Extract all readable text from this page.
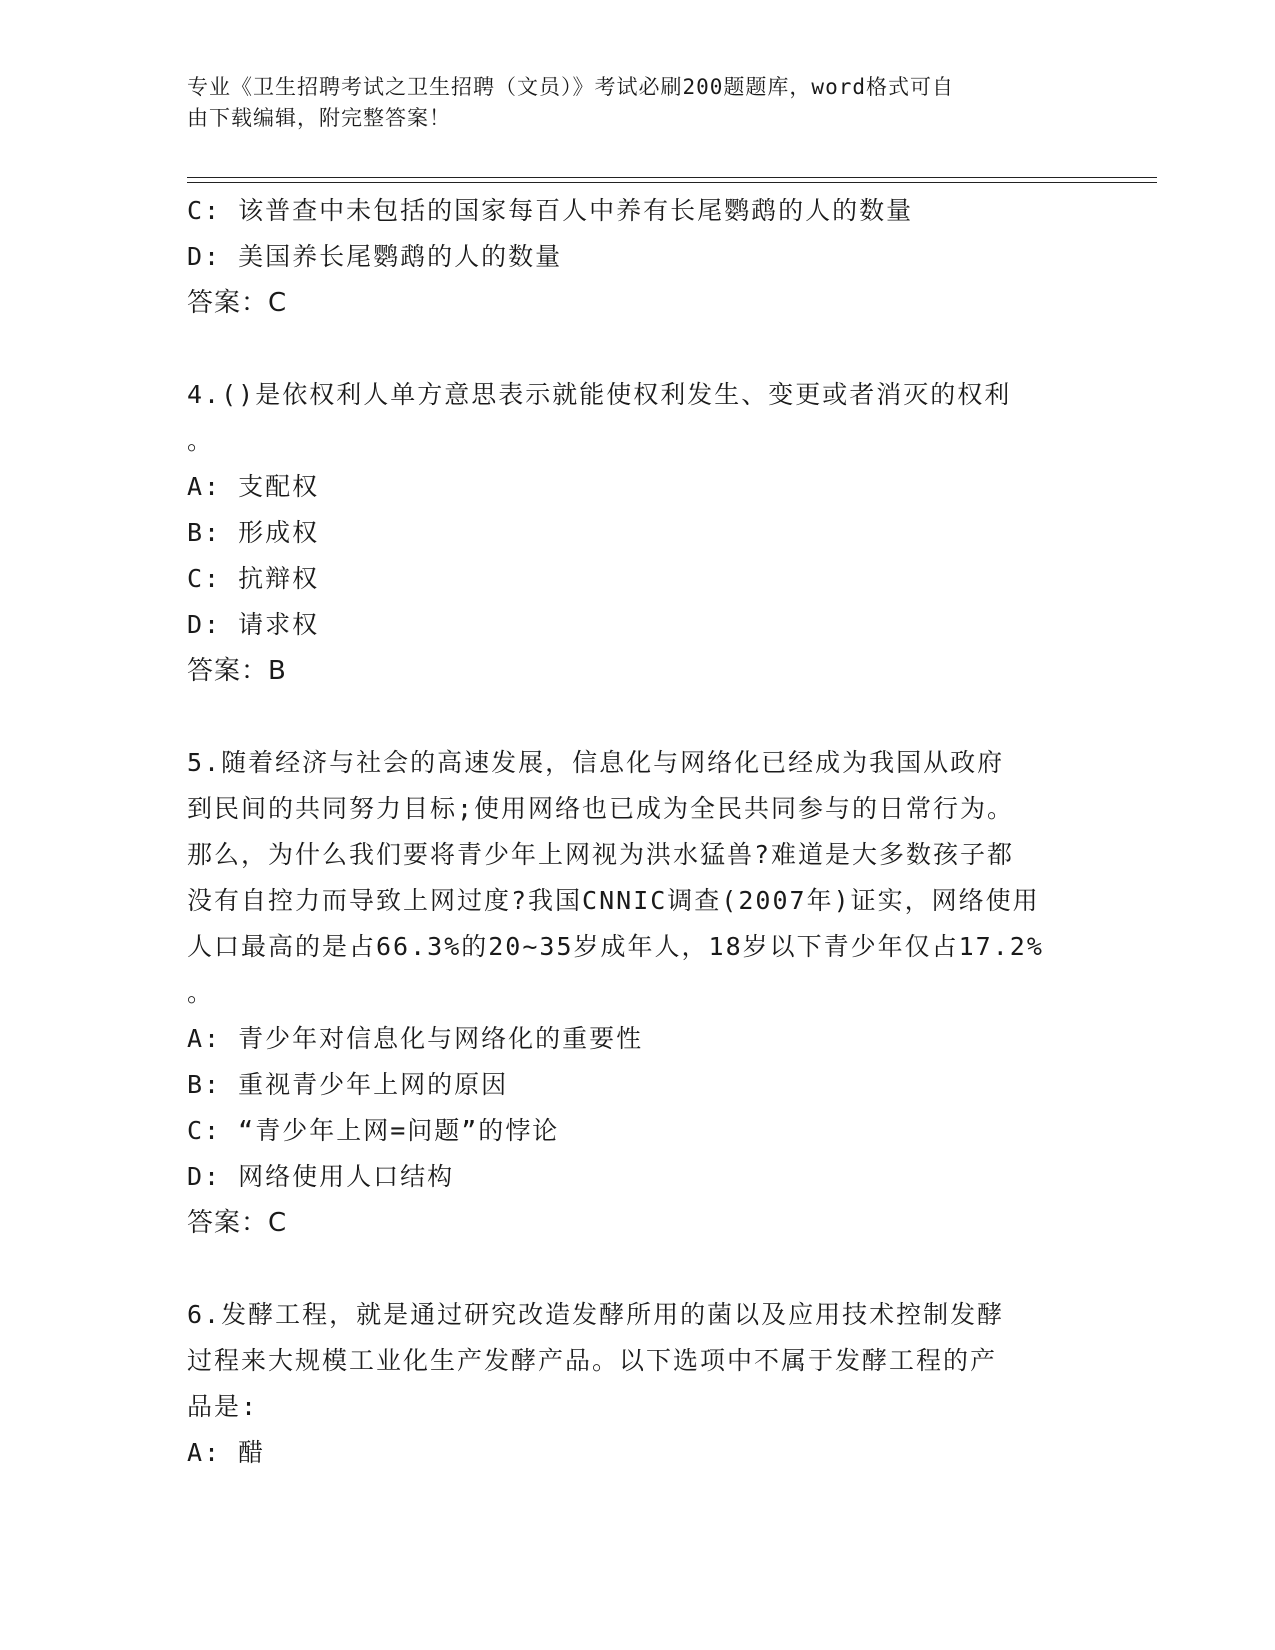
专业《卫生招聘考试之卫生招聘（文员）》考试必刷200题题库，word格式可自
由下载编辑，附完整答案！
C: 该普查中未包括的国家每百人中养有长尾鹦鹉的人的数量
D: 美国养长尾鹦鹉的人的数量
答案：C
4.()是依权利人单方意思表示就能使权利发生、变更或者消灭的权利
。
A: 支配权
B: 形成权
C: 抗辩权
D: 请求权
答案：B
5.随着经济与社会的高速发展，信息化与网络化已经成为我国从政府
到民间的共同努力目标;使用网络也已成为全民共同参与的日常行为。
那么，为什么我们要将青少年上网视为洪水猛兽?难道是大多数孩子都
没有自控力而导致上网过度?我国CNNIC调查(2007年)证实，网络使用
人口最高的是占66.3%的20~35岁成年人，18岁以下青少年仅占17.2%
。
A: 青少年对信息化与网络化的重要性
B: 重视青少年上网的原因
C: “青少年上网=问题”的悖论
D: 网络使用人口结构
答案：C
6.发酵工程，就是通过研究改造发酵所用的菌以及应用技术控制发酵
过程来大规模工业化生产发酵产品。以下选项中不属于发酵工程的产
品是:
A: 醋
